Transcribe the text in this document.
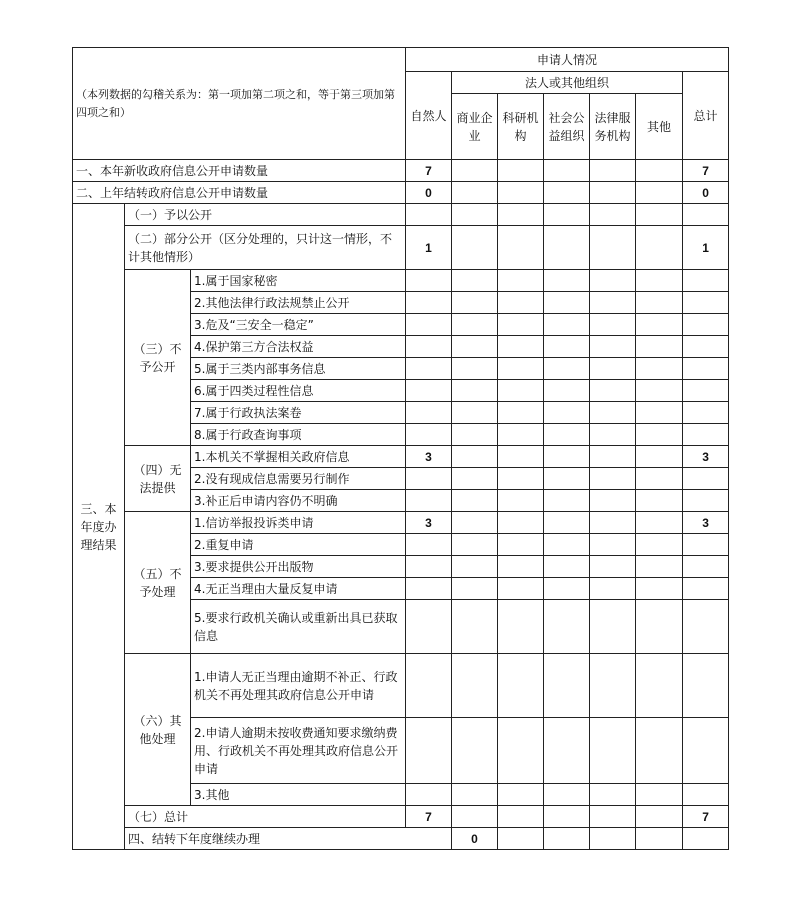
（本列数据的勾稽关系为：第一项加第二项之和，等于第三项加第四项之和）			申请人情况							
			自然人	法人或其他组织					总计	
				商业企业	科研机构	社会公益组织	法律服务机构	其他		
一、本年新收政府信息公开申请数量			7						7	
二、上年结转政府信息公开申请数量			0						0	
三、本年度办理结果	（一）予以公开									
	（二）部分公开（区分处理的，只计这一情形，不计其他情形）		1						1	
	（三）不予公开	1.属于国家秘密								
		2.其他法律行政法规禁止公开								
		3.危及“三安全一稳定”								
		4.保护第三方合法权益								
		5.属于三类内部事务信息								
		6.属于四类过程性信息								
		7.属于行政执法案卷								
		8.属于行政查询事项								
	（四）无法提供	1.本机关不掌握相关政府信息	3						3	
		2.没有现成信息需要另行制作								
		3.补正后申请内容仍不明确								
	（五）不予处理	1.信访举报投诉类申请	3						3	
		2.重复申请								
		3.要求提供公开出版物								
		4.无正当理由大量反复申请								
		5.要求行政机关确认或重新出具已获取信息								
	（六）其他处理	1.申请人无正当理由逾期不补正、行政机关不再处理其政府信息公开申请								
		2.申请人逾期未按收费通知要求缴纳费用、行政机关不再处理其政府信息公开申请								
		3.其他								
	（七）总计		7						7	
	四、结转下年度继续办理			0						
